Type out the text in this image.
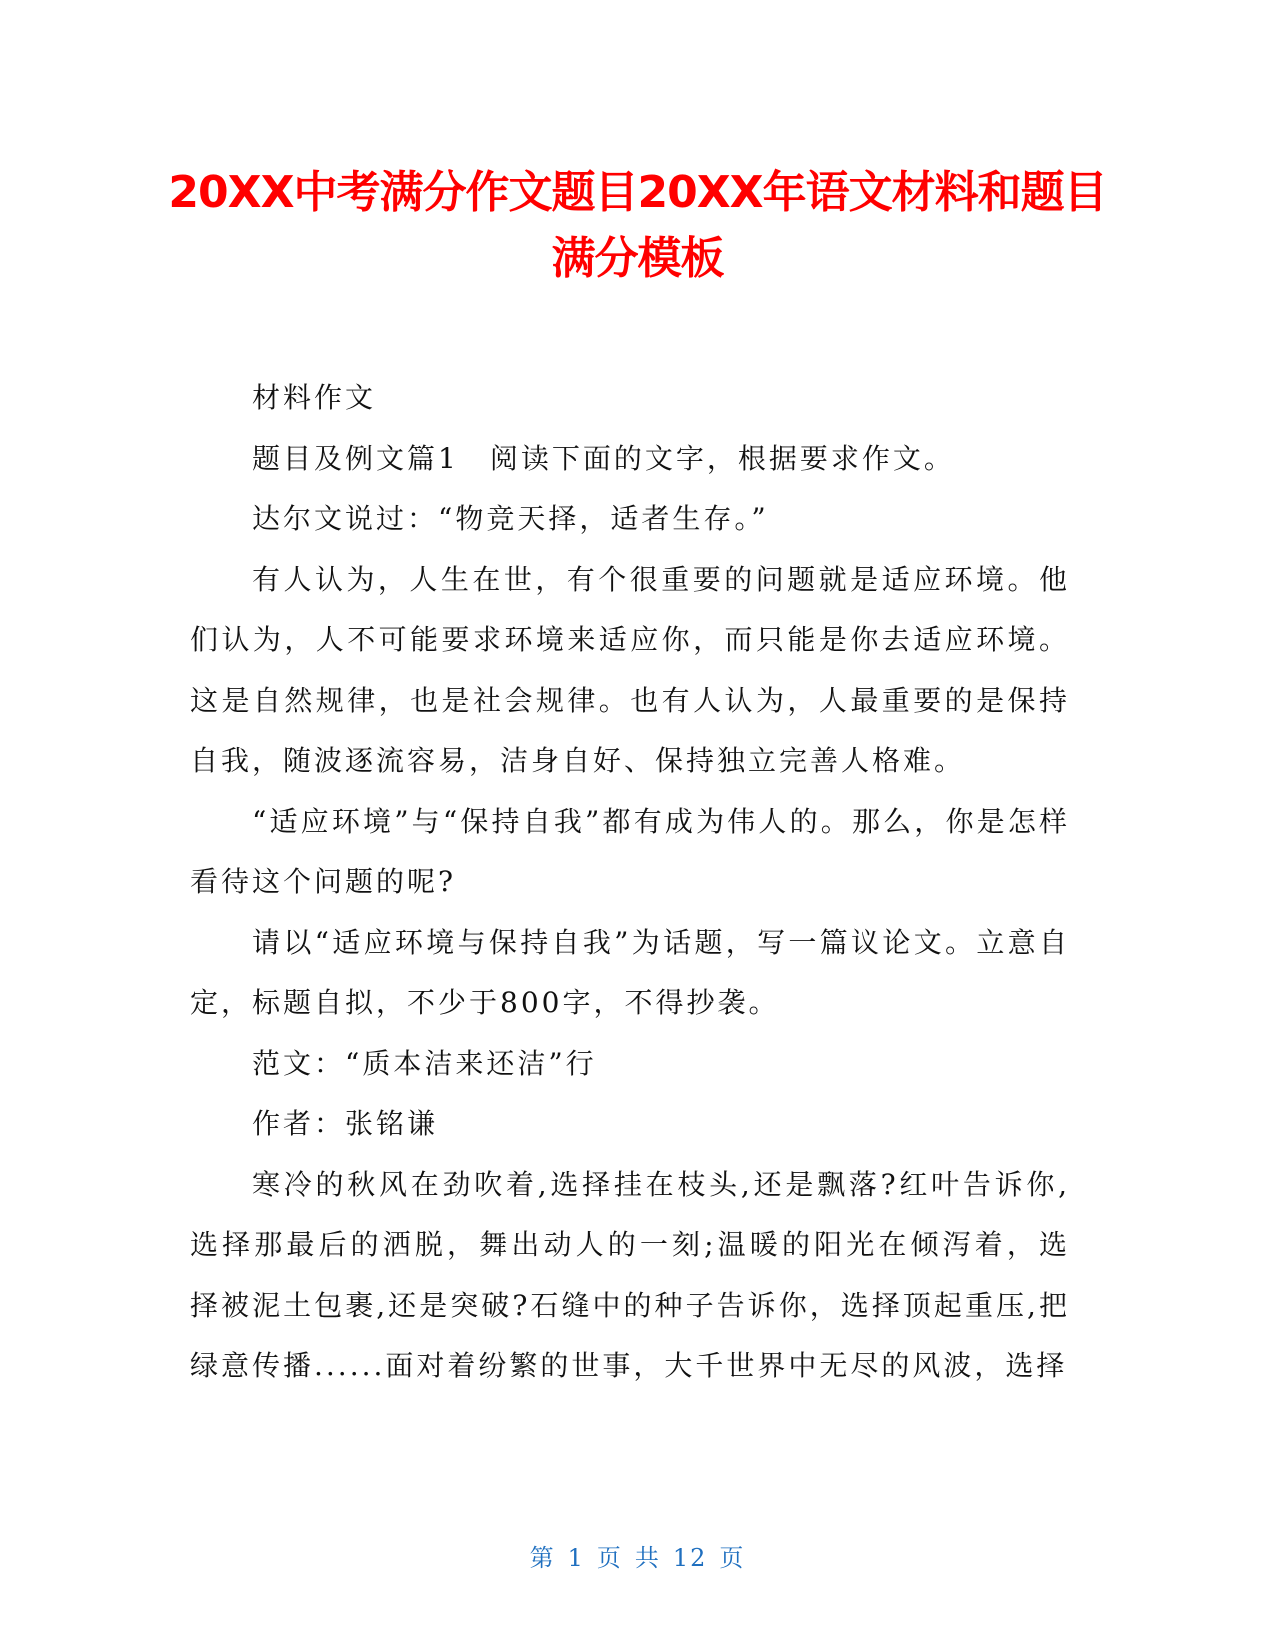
20XX中考满分作文题目20XX年语文材料和题目满分模板

材料作文

题目及例文篇1　阅读下面的文字，根据要求作文。

达尔文说过：“物竞天择，适者生存。”

有人认为，人生在世，有个很重要的问题就是适应环境。他们认为，人不可能要求环境来适应你，而只能是你去适应环境。这是自然规律，也是社会规律。也有人认为，人最重要的是保持自我，随波逐流容易，洁身自好、保持独立完善人格难。

“适应环境”与“保持自我”都有成为伟人的。那么，你是怎样看待这个问题的呢?

请以“适应环境与保持自我”为话题，写一篇议论文。立意自定，标题自拟，不少于800字，不得抄袭。

范文：“质本洁来还洁”行

作者：张铭谦

寒冷的秋风在劲吹着,选择挂在枝头,还是飘落?红叶告诉你,选择那最后的洒脱，舞出动人的一刻;温暖的阳光在倾泻着，选择被泥土包裹,还是突破?石缝中的种子告诉你，选择顶起重压,把绿意传播......面对着纷繁的世事，大千世界中无尽的风波，选择

第 1 页 共 12 页
